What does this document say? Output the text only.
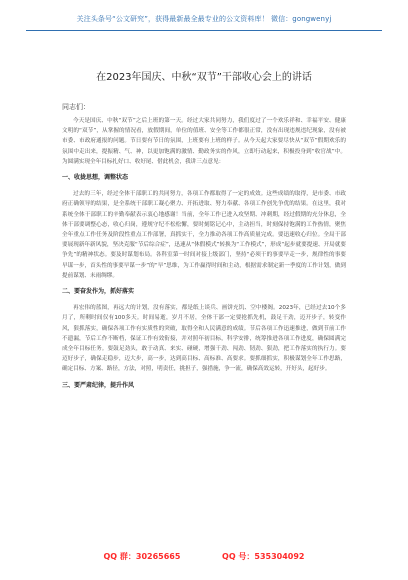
关注头条号“公文研究”，获得最新最全最专业的公文资料库！ 微信：gongwenyj
在2023年国庆、中秋“双节”干部收心会上的讲话
同志们：

今天是国庆、中秋“双节”之后上班的第一天。经过大家共同努力，我们度过了一个欢乐祥和、幸福平安、健康文明的“双节”，从掌握的情况看，放假期间，单位的值班、安全等工作都很正常，没有出现违规违纪现象，没有被市委、市政府通报的问题。节日要有节日的氛围，上班要有上班的样子。从今天起大家要尽快从“双节”假期欢乐的氛围中走出来，提振精、气、神，以更加饱满的激情、勤政务实的作风，立即行动起来，积极投身到“收官战”中。为圆满实现全年目标扎好口、收好尾、借此机会，我讲三点意见：

一、收拢思想，调整状态

过去的三年，经过全体干部职工的共同努力，各项工作都取得了一定的成效。这些成绩的取得，是市委、市政府正确领导的结果，是全系统干部职工凝心聚力、开拓进取、努力奉献、各项工作创先争优的结果。在这里，我对系统全体干部职工的辛勤奉献表示衷心地感谢！当前，全年工作已进入攻坚期、冲刺期，经过假期的充分休息，全体干部要调整心态，收心归岗，遵规守纪不松松懈，要时刻铭记心中，主动担当，时刻保持饱满的工作热情，聚焦全年重点工作任务及阶段性重点工作部署，真抓实干，全力推动各项工作高质量完成。要迅速收心归位。全局干部要展现新年新风貌，坚决克服“节后综合症”，迅速从“休假模式”转换为“工作模式”，形成“起步就要提速、开局就要争先”的精神状态。要及时谋划布局。各科室第一时间对接上级部门，坚持“必须干的事要早走一步，规律性的事要早谋一步，首头性的事要早谋一步”的“早”思维，为工作赢得时间和主动，根据需求制定新一季度的工作计划，做到提前谋划、未雨绸缪。

二、要奋发作为，抓好落实

再宏伟的蓝图，再远大的计划，没有落实，都是纸上谈兵、画饼充饥、空中楼阁。2023年，已经过去10个多月了，所剩时间仅有100多天。时间易逝，岁月不居，全体干部一定要抢抓先机，鼓足干劲，迈开步子，转变作风，狠抓落实，确保各项工作有实质性的突破，取得全和人民满意的成绩。节后各项工作迅速推进，做到节前工作不遗漏，节后工作不断档，保证工作有效衔接，并对照年初目标，科学安排，统筹推进各项工作进度，确保圆满完成全年目标任务。要鼓足劲头，敢于动真、来实、碰硬，增强干劲、闯劲、韧劲、狠劲，把工作落实的执行力。要迈好步子，确保走稳步，迈大步，高一步，达到高目标、高标准、高要求。要抓细抓实，积极谋划全年工作思路，确定目标、方案、路径，方法，对照，明责任，挑担子，强措施，争一流，确保高效运转，开好头，起好步。

三、要严肃纪律，提升作风
QQ 群：30265665	QQ 号：535304092
